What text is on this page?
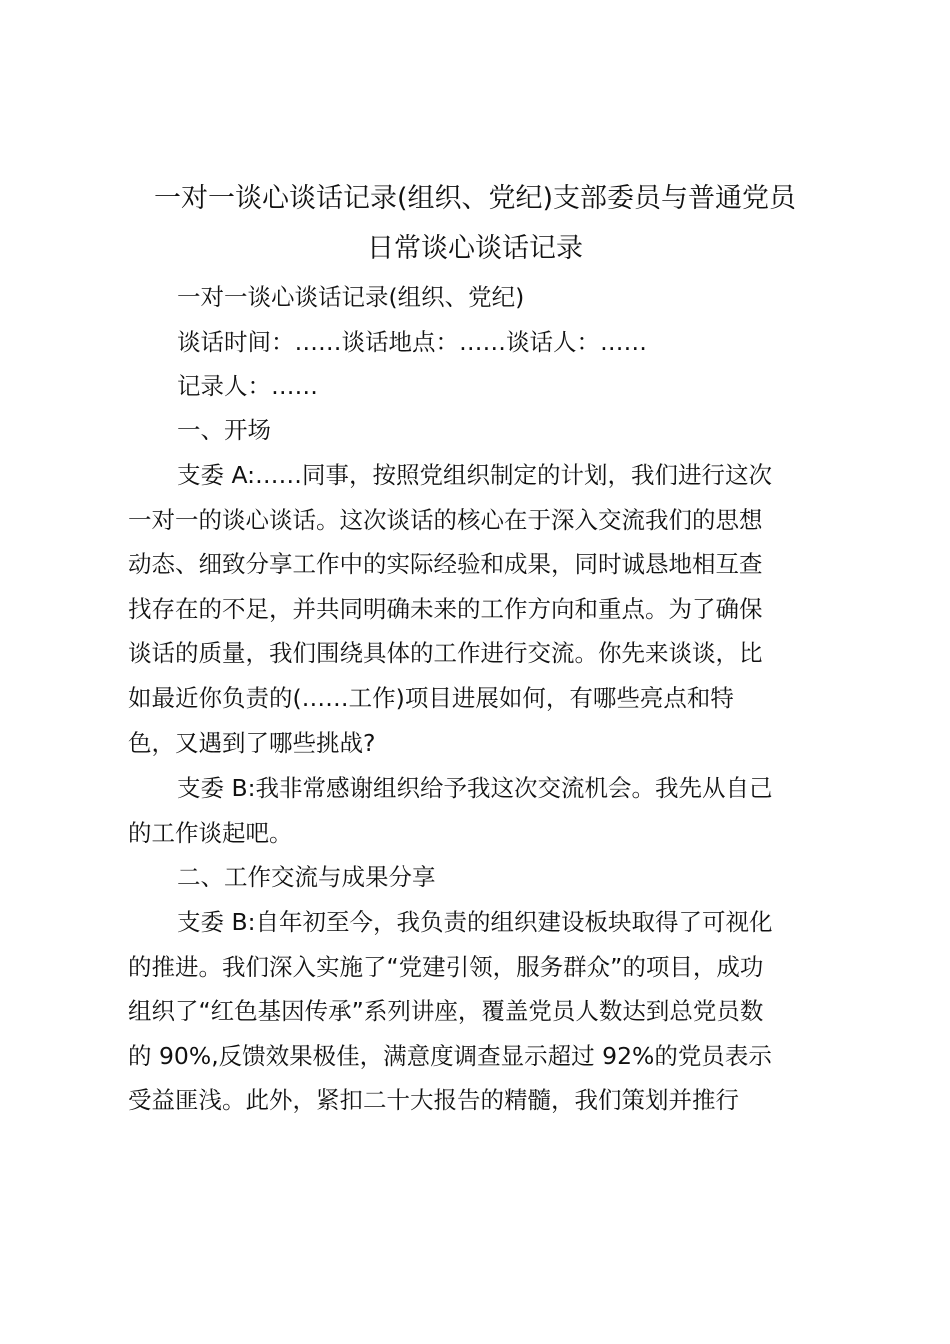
一对一谈心谈话记录(组织、党纪)支部委员与普通党员
日常谈心谈话记录
一对一谈心谈话记录(组织、党纪)
谈话时间：……谈话地点：……谈话人：……
记录人：……
一、开场
支委 A:……同事，按照党组织制定的计划，我们进行这次
一对一的谈心谈话。这次谈话的核心在于深入交流我们的思想
动态、细致分享工作中的实际经验和成果，同时诚恳地相互查
找存在的不足，并共同明确未来的工作方向和重点。为了确保
谈话的质量，我们围绕具体的工作进行交流。你先来谈谈，比
如最近你负责的(……工作)项目进展如何，有哪些亮点和特
色，又遇到了哪些挑战?
支委 B:我非常感谢组织给予我这次交流机会。我先从自己
的工作谈起吧。
二、工作交流与成果分享
支委 B:自年初至今，我负责的组织建设板块取得了可视化
的推进。我们深入实施了“党建引领，服务群众”的项目，成功
组织了“红色基因传承”系列讲座，覆盖党员人数达到总党员数
的 90%,反馈效果极佳，满意度调查显示超过 92%的党员表示
受益匪浅。此外，紧扣二十大报告的精髓，我们策划并推行
